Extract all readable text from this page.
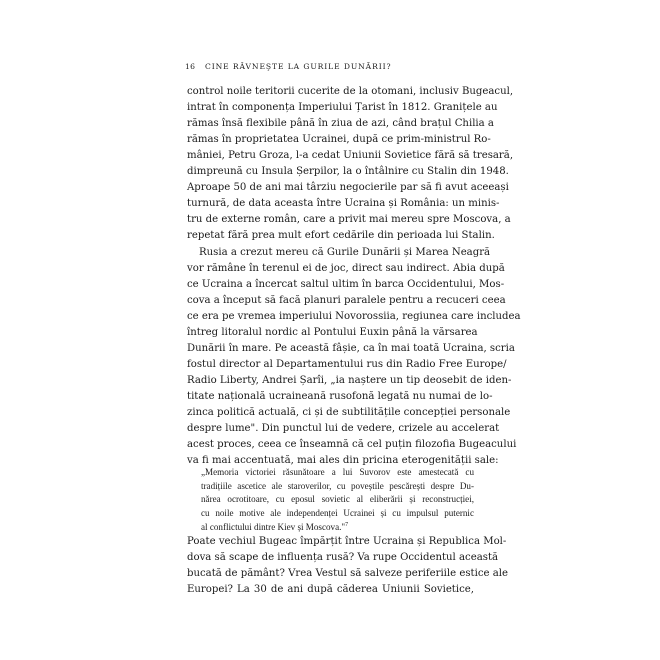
16 CINE RÂVNEŞTE LA GURILE DUNĂRII?
control noile teritorii cucerite de la otomani, inclusiv Bugeacul,
intrat în componența Imperiului Țarist în 1812. Granițele au
rămas însă flexibile până în ziua de azi, când brațul Chilia a
rămas în proprietatea Ucrainei, după ce prim-ministrul Ro-
mâniei, Petru Groza, l-a cedat Uniunii Sovietice fără să tresară,
dimpreună cu Insula Șerpilor, la o întâlnire cu Stalin din 1948.
Aproape 50 de ani mai târziu negocierile par să fi avut aceeași
turnură, de data aceasta între Ucraina și România: un minis-
tru de externe român, care a privit mai mereu spre Moscova, a
repetat fără prea mult efort cedările din perioada lui Stalin.
Rusia a crezut mereu că Gurile Dunării și Marea Neagră
vor rămâne în terenul ei de joc, direct sau indirect. Abia după
ce Ucraina a încercat saltul ultim în barca Occidentului, Mos-
cova a început să facă planuri paralele pentru a recuceri ceea
ce era pe vremea imperiului Novorossiia, regiunea care includea
întreg litoralul nordic al Pontului Euxin până la vărsarea
Dunării în mare. Pe această fâșie, ca în mai toată Ucraina, scria
fostul director al Departamentului rus din Radio Free Europe/
Radio Liberty, Andrei Șarîi, „ia naștere un tip deosebit de iden-
titate națională ucraineană rusofonă legată nu numai de lo-
zinca politică actuală, ci și de subtilitățile concepției personale
despre lume". Din punctul lui de vedere, crizele au accelerat
acest proces, ceea ce înseamnă că cel puțin filozofia Bugeacului
va fi mai accentuată, mai ales din pricina eterogenității sale:
„Memoria victoriei răsunătoare a lui Suvorov este amestecată cu
tradițiile ascetice ale staroverilor, cu poveștile pescărești despre Du-
nărea ocrotitoare, cu eposul sovietic al eliberării și reconstrucției,
cu noile motive ale independenței Ucrainei și cu impulsul puternic
al conflictului dintre Kiev și Moscova."$^7$
Poate vechiul Bugeac împărțit între Ucraina și Republica Mol-
dova să scape de influența rusă? Va rupe Occidentul această
bucată de pământ? Vrea Vestul să salveze periferiile estice ale
Europei? La 30 de ani după căderea Uniunii Sovietice,
